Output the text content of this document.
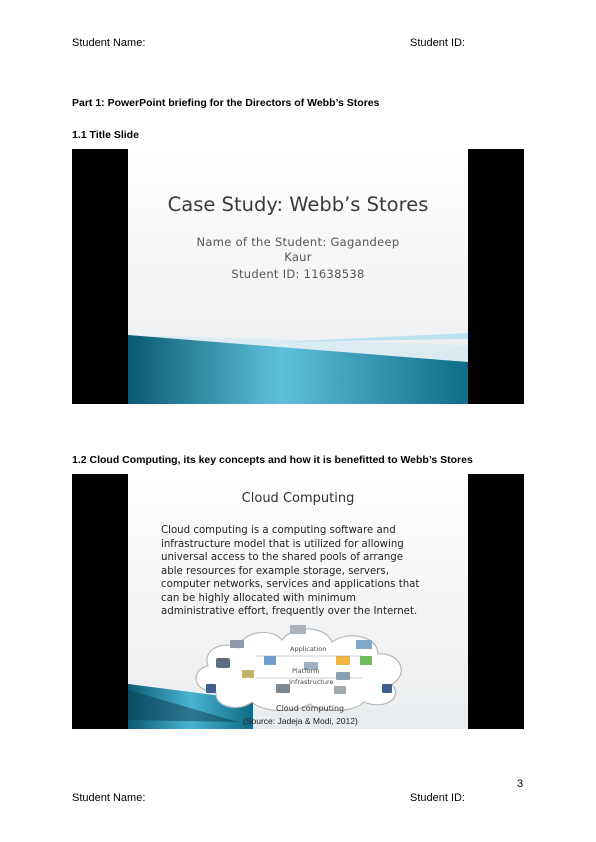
Student Name:	Student ID:
Part 1: PowerPoint briefing for the Directors of Webb’s Stores
1.1 Title Slide
Case Study: Webb’s Stores
Name of the Student: Gagandeep
Kaur
Student ID: 11638538
1.2 Cloud Computing, its key concepts and how it is benefitted to Webb’s Stores
Cloud Computing
Cloud computing is a computing software and
infrastructure model that is utilized for allowing
universal access to the shared pools of arrange
able resources for example storage, servers,
computer networks, services and applications that
can be highly allocated with minimum
administrative effort, frequently over the Internet.
Application
Platform
Infrastructure
Cloud computing
(Source: Jadeja & Modi, 2012)
3
Student Name:	Student ID:
